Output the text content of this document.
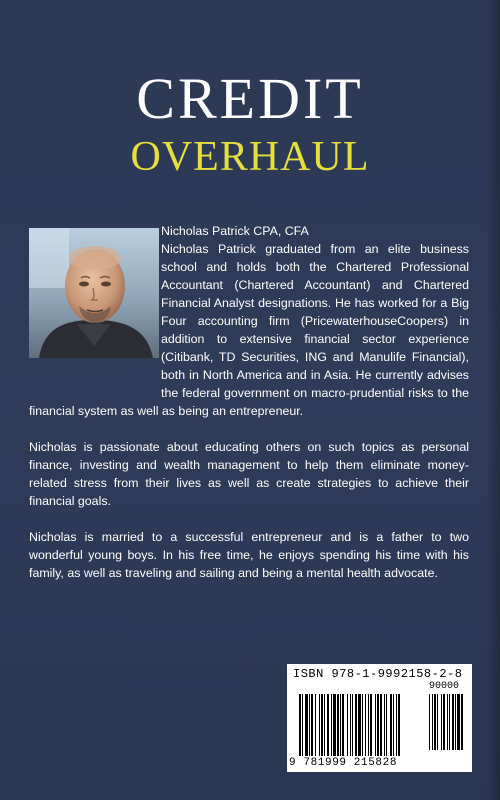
CREDIT
OVERHAUL

Nicholas Patrick CPA, CFA

Nicholas Patrick graduated from an elite business school and holds both the Chartered Professional Accountant (Chartered Accountant) and Chartered Financial Analyst designations. He has worked for a Big Four accounting firm (PricewaterhouseCoopers) in addition to extensive financial sector experience (Citibank, TD Securities, ING and Manulife Financial), both in North America and in Asia. He currently advises the federal government on macro-prudential risks to the financial system as well as being an entrepreneur.

Nicholas is passionate about educating others on such topics as personal finance, investing and wealth management to help them eliminate money-related stress from their lives as well as create strategies to achieve their financial goals.

Nicholas is married to a successful entrepreneur and is a father to two wonderful young boys. In his free time, he enjoys spending his time with his family, as well as traveling and sailing and being a mental health advocate.

ISBN 978-1-9992158-2-8
90000
9 781999 215828
